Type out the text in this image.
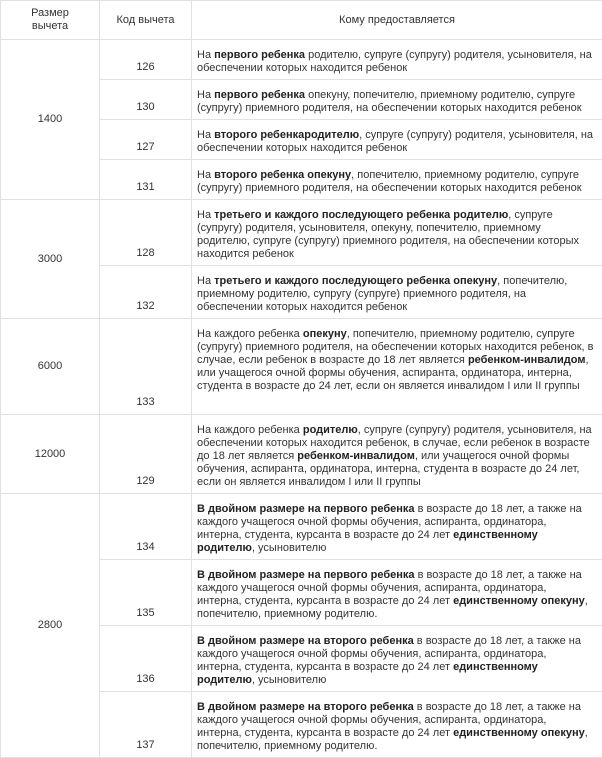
Размер вычета	Код вычета	Кому предоставляется
1400	126	На первого ребенка родителю, супруге (супругу) родителя, усыновителя, на обеспечении которых находится ребенок
	130	На первого ребенка опекуну, попечителю, приемному родителю, супруге (супругу) приемного родителя, на обеспечении которых находится ребенок
	127	На второго ребенкародителю, супруге (супругу) родителя, усыновителя, на обеспечении которых находится ребенок
	131	На второго ребенка опекуну, попечителю, приемному родителю, супруге (супругу) приемного родителя, на обеспечении которых находится ребенок
3000	128	На третьего и каждого последующего ребенка родителю, супруге (супругу) родителя, усыновителя, опекуну, попечителю, приемному родителю, супруге (супругу) приемного родителя, на обеспечении которых находится ребенок
	132	На третьего и каждого последующего ребенка опекуну, попечителю, приемному родителю, супругу (супруге) приемного родителя, на обеспечении которых находится ребенок
6000	133	На каждого ребенка опекуну, попечителю, приемному родителю, супруге (супругу) приемного родителя, на обеспечении которых находится ребенок, в случае, если ребенок в возрасте до 18 лет является ребенком-инвалидом, или учащегося очной формы обучения, аспиранта, ординатора, интерна, студента в возрасте до 24 лет, если он является инвалидом I или II группы
12000	129	На каждого ребенка родителю, супруге (супругу) родителя, усыновителя, на обеспечении которых находится ребенок, в случае, если ребенок в возрасте до 18 лет является ребенком-инвалидом, или учащегося очной формы обучения, аспиранта, ординатора, интерна, студента в возрасте до 24 лет, если он является инвалидом I или II группы
2800	134	В двойном размере на первого ребенка в возрасте до 18 лет, а также на каждого учащегося очной формы обучения, аспиранта, ординатора, интерна, студента, курсанта в возрасте до 24 лет единственному родителю, усыновителю
	135	В двойном размере на первого ребенка в возрасте до 18 лет, а также на каждого учащегося очной формы обучения, аспиранта, ординатора, интерна, студента, курсанта в возрасте до 24 лет единственному опекуну, попечителю, приемному родителю.
	136	В двойном размере на второго ребенка в возрасте до 18 лет, а также на каждого учащегося очной формы обучения, аспиранта, ординатора, интерна, студента, курсанта в возрасте до 24 лет единственному родителю, усыновителю
	137	В двойном размере на второго ребенка в возрасте до 18 лет, а также на каждого учащегося очной формы обучения, аспиранта, ординатора, интерна, студента, курсанта в возрасте до 24 лет единственному опекуну, попечителю, приемному родителю.
